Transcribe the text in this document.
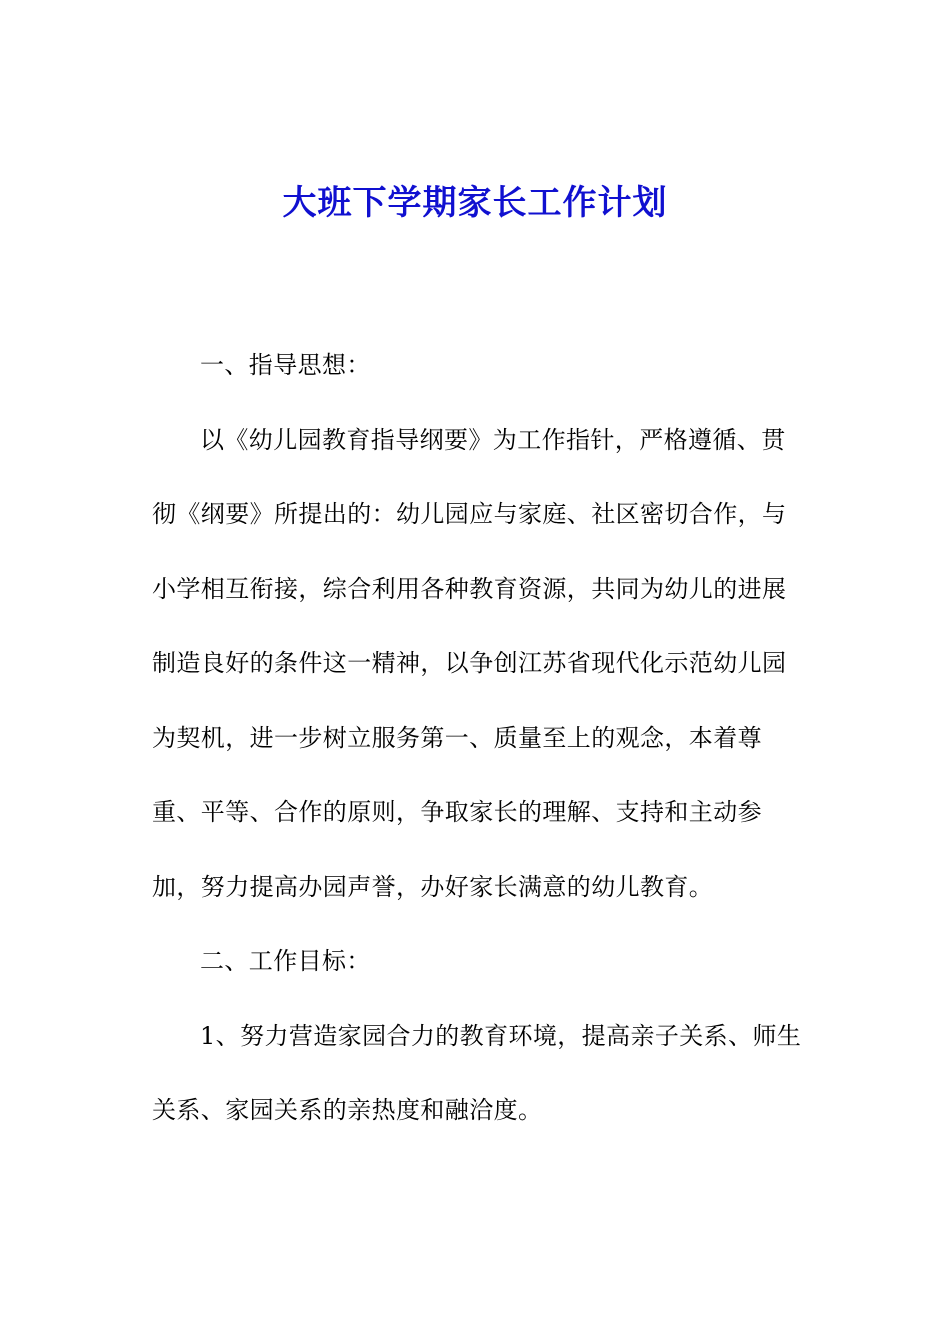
大班下学期家长工作计划

一、指导思想：

以《幼儿园教育指导纲要》为工作指针，严格遵循、贯彻《纲要》所提出的：幼儿园应与家庭、社区密切合作，与小学相互衔接，综合利用各种教育资源，共同为幼儿的进展制造良好的条件这一精神，以争创江苏省现代化示范幼儿园为契机，进一步树立服务第一、质量至上的观念，本着尊重、平等、合作的原则，争取家长的理解、支持和主动参加，努力提高办园声誉，办好家长满意的幼儿教育。

二、工作目标：

1、努力营造家园合力的教育环境，提高亲子关系、师生关系、家园关系的亲热度和融洽度。
